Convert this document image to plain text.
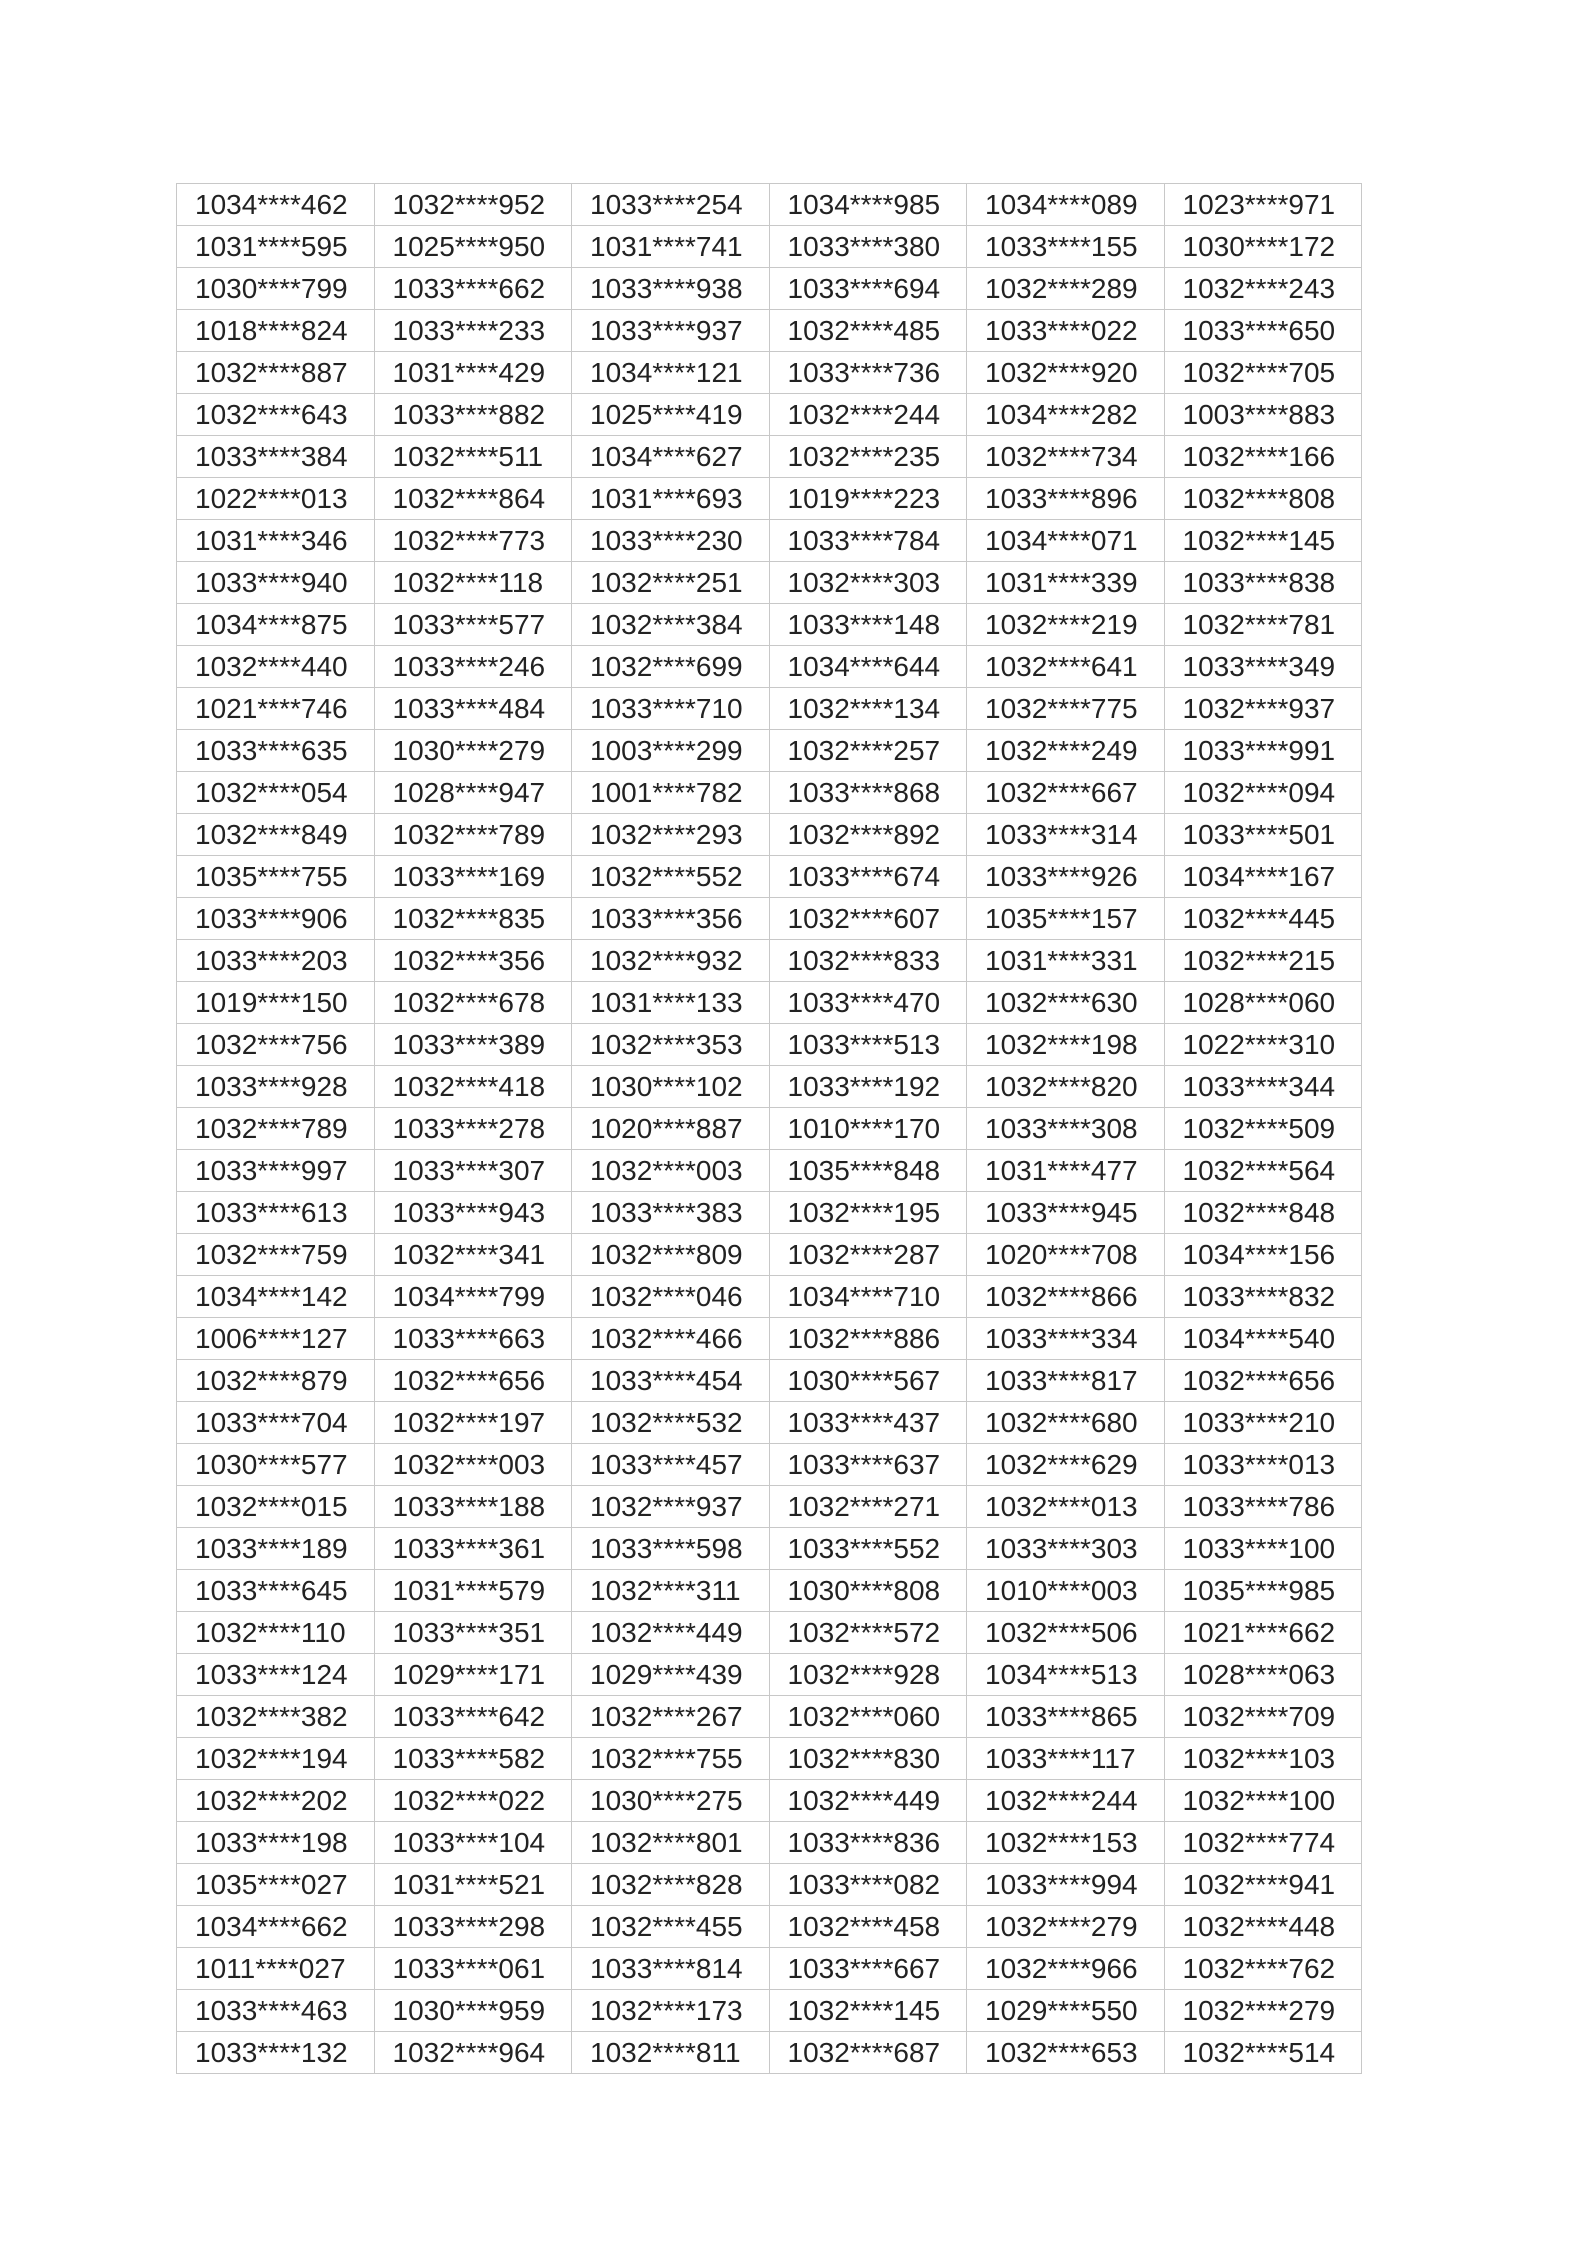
1034****462	1032****952	1033****254	1034****985	1034****089	1023****971
1031****595	1025****950	1031****741	1033****380	1033****155	1030****172
1030****799	1033****662	1033****938	1033****694	1032****289	1032****243
1018****824	1033****233	1033****937	1032****485	1033****022	1033****650
1032****887	1031****429	1034****121	1033****736	1032****920	1032****705
1032****643	1033****882	1025****419	1032****244	1034****282	1003****883
1033****384	1032****511	1034****627	1032****235	1032****734	1032****166
1022****013	1032****864	1031****693	1019****223	1033****896	1032****808
1031****346	1032****773	1033****230	1033****784	1034****071	1032****145
1033****940	1032****118	1032****251	1032****303	1031****339	1033****838
1034****875	1033****577	1032****384	1033****148	1032****219	1032****781
1032****440	1033****246	1032****699	1034****644	1032****641	1033****349
1021****746	1033****484	1033****710	1032****134	1032****775	1032****937
1033****635	1030****279	1003****299	1032****257	1032****249	1033****991
1032****054	1028****947	1001****782	1033****868	1032****667	1032****094
1032****849	1032****789	1032****293	1032****892	1033****314	1033****501
1035****755	1033****169	1032****552	1033****674	1033****926	1034****167
1033****906	1032****835	1033****356	1032****607	1035****157	1032****445
1033****203	1032****356	1032****932	1032****833	1031****331	1032****215
1019****150	1032****678	1031****133	1033****470	1032****630	1028****060
1032****756	1033****389	1032****353	1033****513	1032****198	1022****310
1033****928	1032****418	1030****102	1033****192	1032****820	1033****344
1032****789	1033****278	1020****887	1010****170	1033****308	1032****509
1033****997	1033****307	1032****003	1035****848	1031****477	1032****564
1033****613	1033****943	1033****383	1032****195	1033****945	1032****848
1032****759	1032****341	1032****809	1032****287	1020****708	1034****156
1034****142	1034****799	1032****046	1034****710	1032****866	1033****832
1006****127	1033****663	1032****466	1032****886	1033****334	1034****540
1032****879	1032****656	1033****454	1030****567	1033****817	1032****656
1033****704	1032****197	1032****532	1033****437	1032****680	1033****210
1030****577	1032****003	1033****457	1033****637	1032****629	1033****013
1032****015	1033****188	1032****937	1032****271	1032****013	1033****786
1033****189	1033****361	1033****598	1033****552	1033****303	1033****100
1033****645	1031****579	1032****311	1030****808	1010****003	1035****985
1032****110	1033****351	1032****449	1032****572	1032****506	1021****662
1033****124	1029****171	1029****439	1032****928	1034****513	1028****063
1032****382	1033****642	1032****267	1032****060	1033****865	1032****709
1032****194	1033****582	1032****755	1032****830	1033****117	1032****103
1032****202	1032****022	1030****275	1032****449	1032****244	1032****100
1033****198	1033****104	1032****801	1033****836	1032****153	1032****774
1035****027	1031****521	1032****828	1033****082	1033****994	1032****941
1034****662	1033****298	1032****455	1032****458	1032****279	1032****448
1011****027	1033****061	1033****814	1033****667	1032****966	1032****762
1033****463	1030****959	1032****173	1032****145	1029****550	1032****279
1033****132	1032****964	1032****811	1032****687	1032****653	1032****514
